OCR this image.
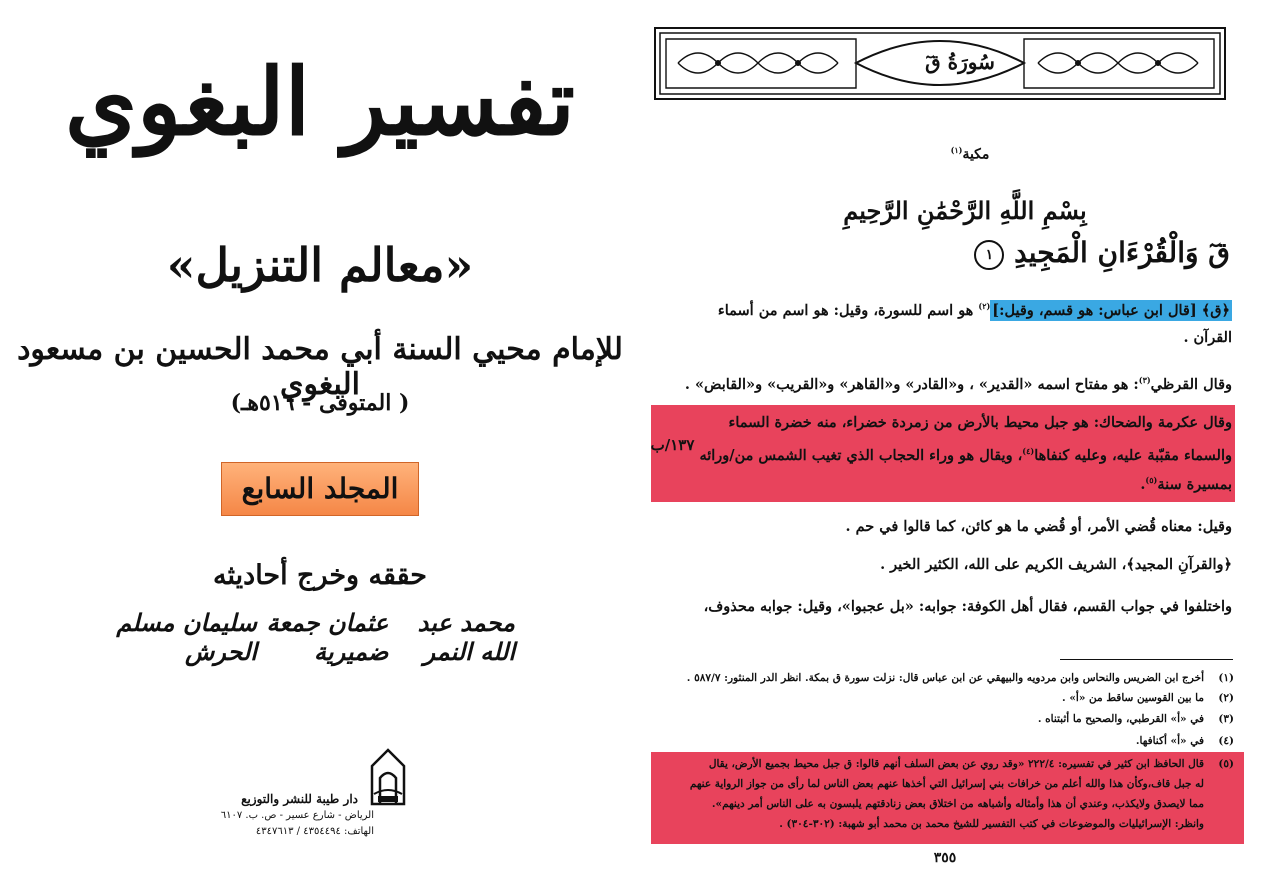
تفسير البغوي
«معالم التنزيل»
للإمام محيي السنة أبي محمد الحسين بن مسعود البغوي
( المتوفى - ٥١٦هـ)
المجلد السابع
حققه وخرج أحاديثه
محمد عبد الله النمر
عثمان جمعة ضميرية
سليمان مسلم الحرش
دار طيبة للنشر والتوزيع
الرياض - شارع عسير - ص. ب. ٦١٠٧
الهاتف: ٤٣٥٤٤٩٤ / ٤٣٤٧٦١٣
سُورَةُ قٓ
مكية$^{(١)}$
بِسْمِ اللَّهِ الرَّحْمَٰنِ الرَّحِيمِ
قٓ وَالْقُرْءَانِ الْمَجِيدِ ١
﴿ق﴾ [قال ابن عباس: هو قسم، وقيل:]$^{(٢)}$ هو اسم للسورة، وقيل: هو اسم من أسماء
القرآن .
وقال القرظي$^{(٣)}$: هو مفتاح اسمه «القدير» ، و«القادر» و«القاهر» و«القريب» و«القابض» .
وقال عكرمة والضحاك: هو جبل محيط بالأرض من زمردة خضراء، منه خضرة السماء
والسماء مقبّبة عليه، وعليه كنفاها$^{(٤)}$، ويقال هو وراء الحجاب الذي تغيب الشمس من/ورائه
بمسيرة سنة$^{(٥)}$.
١٣٧/ب
وقيل: معناه قُضي الأمر، أو قُضي ما هو كائن، كما قالوا في حم .
﴿والقرآنِ المجيد﴾، الشريف الكريم على الله، الكثير الخير .
واختلفوا في جواب القسم، فقال أهل الكوفة: جوابه: «بل عجبوا»، وقيل: جوابه محذوف،
(١)أخرج ابن الضريس والنحاس وابن مردويه والبيهقي عن ابن عباس قال: نزلت سورة ق بمكة. انظر الدر المنثور: ٥٨٧/٧ .
(٢)ما بين القوسين ساقط من «أ» .
(٣)في «أ» القرطبي، والصحيح ما أثبتناه .
(٤)في «أ» أكنافها.
(٥)قال الحافظ ابن كثير في تفسيره: ٢٢٢/٤ «وقد روي عن بعض السلف أنهم قالوا: ق جبل محيط بجميع الأرض، يقال
له جبل قاف،وكأن هذا والله أعلم من خرافات بني إسرائيل التي أخذها عنهم بعض الناس لما رأى من جواز الرواية عنهم
مما لايصدق ولايكذب، وعندي أن هذا وأمثاله وأشباهه من اختلاق بعض زنادقتهم يلبسون به على الناس أمر دينهم».
وانظر: الإسرائيليات والموضوعات في كتب التفسير للشيخ محمد بن محمد أبو شهبة: (٣٠٢-٣٠٤) .
٣٥٥
